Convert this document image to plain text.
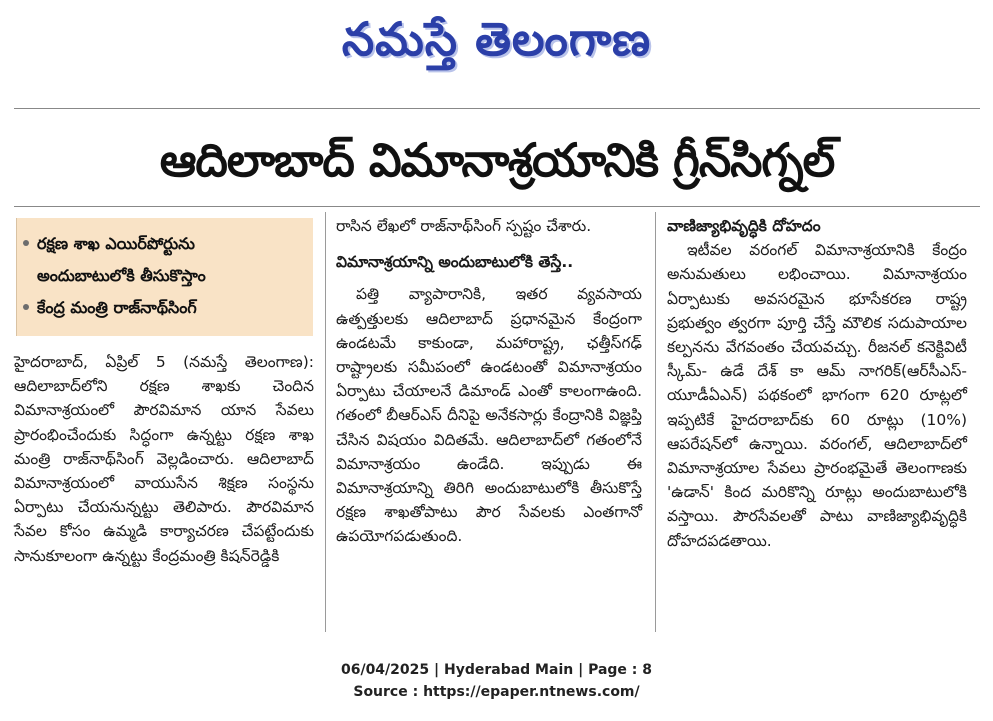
నమస్తే తెలంగాణ
ఆదిలాబాద్ విమానాశ్రయానికి గ్రీన్‌సిగ్నల్
రక్షణ శాఖ ఎయిర్‌పోర్టును
అందుబాటులోకి తీసుకొస్తాం
కేంద్ర మంత్రి రాజ్‌నాథ్‌సింగ్

హైదరాబాద్, ఏప్రిల్ 5 (నమస్తే తెలంగాణ): ఆదిలాబాద్‌లోని రక్షణ శాఖకు చెందిన విమానాశ్రయంలో పౌరవిమాన యాన సేవలు ప్రారంభించేందుకు సిద్ధంగా ఉన్నట్టు రక్షణ శాఖ మంత్రి రాజ్‌నాథ్‌సింగ్ వెల్లడించారు. ఆదిలాబాద్ విమానాశ్రయంలో వాయుసేన శిక్షణ సంస్థను ఏర్పాటు చేయనున్నట్టు తెలిపారు. పౌరవిమాన సేవల కోసం ఉమ్మడి కార్యాచరణ చేపట్టేందుకు సానుకూలంగా ఉన్నట్టు కేంద్రమంత్రి కిషన్‌రెడ్డికి

రాసిన లేఖలో రాజ్‌నాథ్‌సింగ్ స్పష్టం చేశారు.

విమానాశ్రయాన్ని అందుబాటులోకి తెస్తే..

పత్తి వ్యాపారానికి, ఇతర వ్యవసాయ ఉత్పత్తులకు ఆదిలాబాద్ ప్రధానమైన కేంద్రంగా ఉండటమే కాకుండా, మహారాష్ట్ర, ఛత్తీస్‌గఢ్ రాష్ట్రాలకు సమీపంలో ఉండటంతో విమానాశ్రయం ఏర్పాటు చేయాలనే డిమాండ్ ఎంతో కాలంగాఉంది. గతంలో బీఆర్‌ఎస్ దీనిపై అనేకసార్లు కేంద్రానికి విజ్ఞప్తి చేసిన విషయం విదితమే. ఆదిలాబాద్‌లో గతంలోనే విమానాశ్రయం ఉండేది. ఇప్పుడు ఈ విమానాశ్రయాన్ని తిరిగి అందుబాటులోకి తీసుకొస్తే రక్షణ శాఖతోపాటు పౌర సేవలకు ఎంతగానో ఉపయోగపడుతుంది.

వాణిజ్యాభివృద్ధికి దోహదం

ఇటీవల వరంగల్ విమానాశ్రయానికి కేంద్రం అనుమతులు లభించాయి. విమానాశ్రయం ఏర్పాటుకు అవసరమైన భూసేకరణ రాష్ట్ర ప్రభుత్వం త్వరగా పూర్తి చేస్తే మౌలిక సదుపాయాల కల్పనను వేగవంతం చేయవచ్చు. రీజనల్ కనెక్టివిటీ స్కీమ్‌- ఉడే దేశ్ కా ఆమ్ నాగరిక్(ఆర్‌సీఎస్‌-యూడీఏఎన్) పథకంలో భాగంగా 620 రూట్లలో ఇప్పటికే హైదరాబాద్‌కు 60 రూట్లు (10%) ఆపరేషన్‌లో ఉన్నాయి. వరంగల్, ఆదిలాబాద్‌లో విమానాశ్రయాల సేవలు ప్రారంభమైతే తెలంగాణకు 'ఉడాన్' కింద మరికొన్ని రూట్లు అందుబాటులోకి వస్తాయి. పౌరసేవలతో పాటు వాణిజ్యాభివృద్ధికి దోహదపడతాయి.

06/04/2025 | Hyderabad Main | Page : 8
Source : https://epaper.ntnews.com/
